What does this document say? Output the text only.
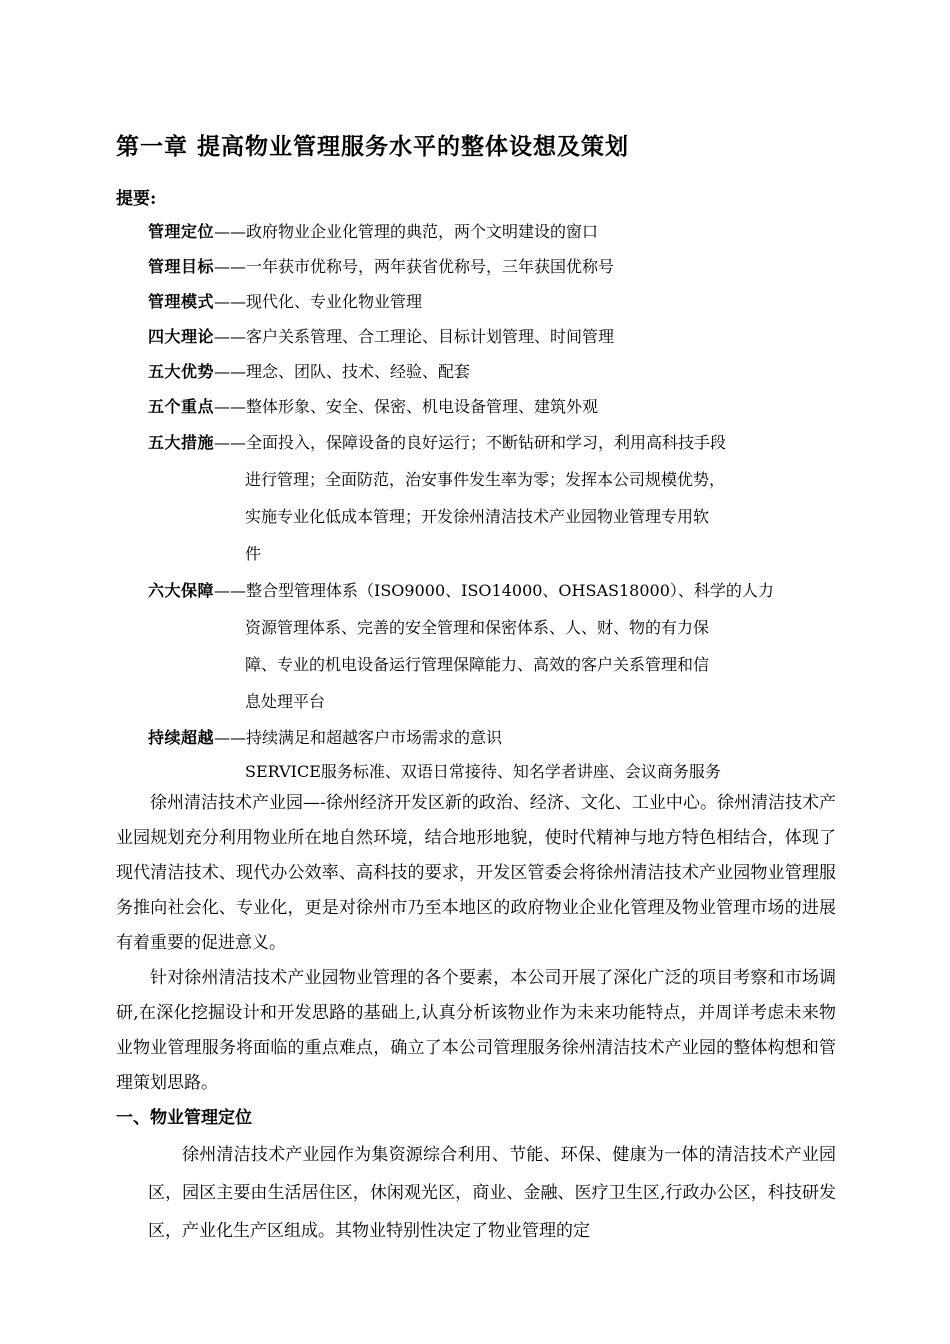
第一章 提高物业管理服务水平的整体设想及策划
提要:
管理定位 —— 政府物业企业化管理的典范，两个文明建设的窗口
管理目标 —— 一年获市优称号，两年获省优称号，三年获国优称号
管理模式 —— 现代化、专业化物业管理
四大理论 —— 客户关系管理、合工理论、目标计划管理、时间管理
五大优势 —— 理念、团队、技术、经验、配套
五个重点 —— 整体形象、安全、保密、机电设备管理、建筑外观
五大措施 —— 全面投入，保障设备的良好运行；不断钻研和学习，利用高科技手段
进行管理；全面防范，治安事件发生率为零；发挥本公司规模优势，
实施专业化低成本管理；开发徐州清洁技术产业园物业管理专用软
件
六大保障 —— 整合型管理体系（ISO9000、ISO14000、OHSAS18000）、科学的人力
资源管理体系、完善的安全管理和保密体系、人、财、物的有力保
障、专业的机电设备运行管理保障能力、高效的客户关系管理和信
息处理平台
持续超越 —— 持续满足和超越客户市场需求的意识
SERVICE服务标准、双语日常接待、知名学者讲座、会议商务服务

徐州清洁技术产业园—-徐州经济开发区新的政治、经济、文化、工业中心。徐州清洁技术产业园规划充分利用物业所在地自然环境，结合地形地貌，使时代精神与地方特色相结合，体现了现代清洁技术、现代办公效率、高科技的要求，开发区管委会将徐州清洁技术产业园物业管理服务推向社会化、专业化，更是对徐州市乃至本地区的政府物业企业化管理及物业管理市场的进展有着重要的促进意义。

针对徐州清洁技术产业园物业管理的各个要素，本公司开展了深化广泛的项目考察和市场调研,在深化挖掘设计和开发思路的基础上,认真分析该物业作为未来功能特点，并周详考虑未来物业物业管理服务将面临的重点难点，确立了本公司管理服务徐州清洁技术产业园的整体构想和管理策划思路。

一、物业管理定位

徐州清洁技术产业园作为集资源综合利用、节能、环保、健康为一体的清洁技术产业园区，园区主要由生活居住区，休闲观光区，商业、金融、医疗卫生区,行政办公区，科技研发区，产业化生产区组成。其物业特别性决定了物业管理的定
